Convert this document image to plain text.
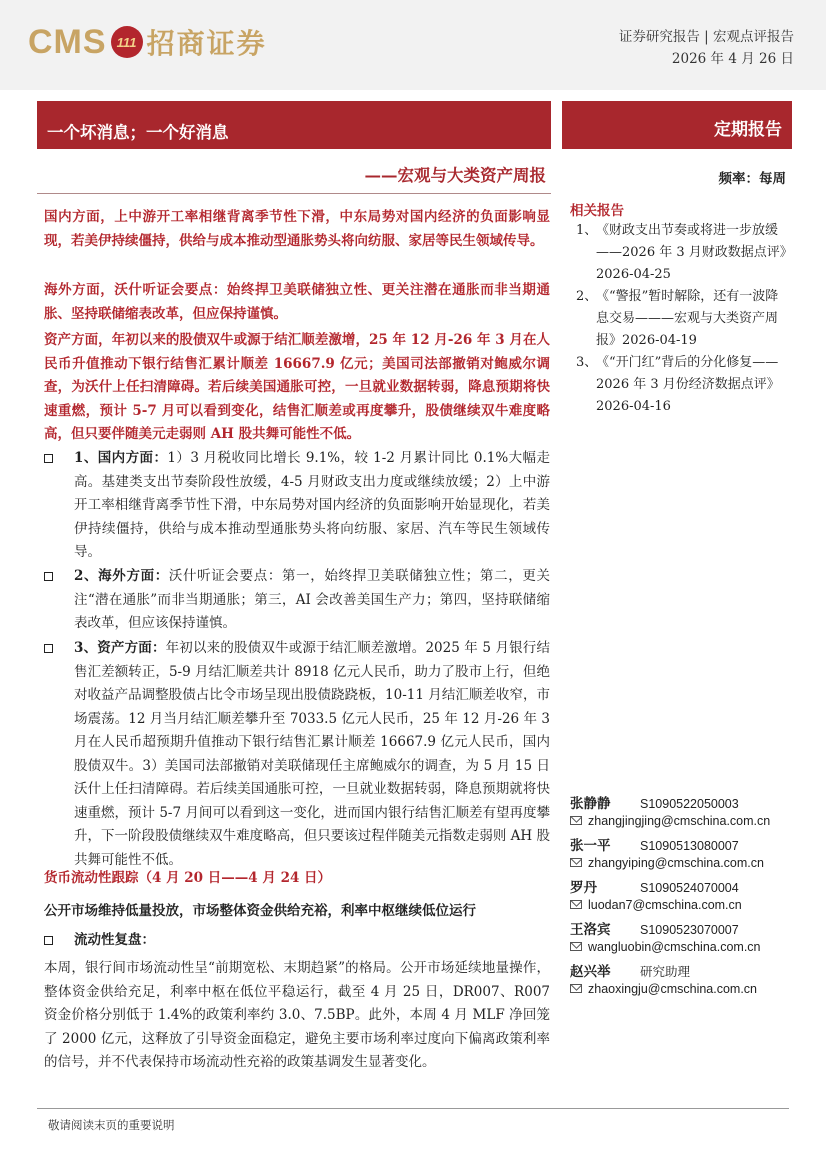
CMS 111 招商证券	证券研究报告 | 宏观点评报告
2026 年 4 月 26 日
一个坏消息；一个好消息	定期报告
——宏观与大类资产周报	频率：每周
国内方面，上中游开工率相继背离季节性下滑，中东局势对国内经济的负面影响显现，若美伊持续僵持，供给与成本推动型通胀势头将向纺服、家居等民生领域传导。
海外方面，沃什听证会要点：始终捍卫美联储独立性、更关注潜在通胀而非当期通胀、坚持联储缩表改革，但应保持谨慎。
资产方面，年初以来的股债双牛或源于结汇顺差激增，25 年 12 月-26 年 3 月在人民币升值推动下银行结售汇累计顺差 16667.9 亿元；美国司法部撤销对鲍威尔调查，为沃什上任扫清障碍。若后续美国通胀可控，一旦就业数据转弱，降息预期将快速重燃，预计 5-7 月可以看到变化，结售汇顺差或再度攀升，股债继续双牛难度略高，但只要伴随美元走弱则 AH 股共舞可能性不低。
1、国内方面：1）3 月税收同比增长 9.1%，较 1-2 月累计同比 0.1%大幅走高。基建类支出节奏阶段性放缓，4-5 月财政支出力度或继续放缓；2）上中游开工率相继背离季节性下滑，中东局势对国内经济的负面影响开始显现化，若美伊持续僵持，供给与成本推动型通胀势头将向纺服、家居、汽车等民生领域传导。
2、海外方面：沃什听证会要点：第一，始终捍卫美联储独立性；第二，更关注“潜在通胀”而非当期通胀；第三，AI 会改善美国生产力；第四，坚持联储缩表改革，但应该保持谨慎。
3、资产方面：年初以来的股债双牛或源于结汇顺差激增。2025 年 5 月银行结售汇差额转正，5-9 月结汇顺差共计 8918 亿元人民币，助力了股市上行，但绝对收益产品调整股债占比令市场呈现出股债跷跷板，10-11 月结汇顺差收窄，市场震荡。12 月当月结汇顺差攀升至 7033.5 亿元人民币，25 年 12 月-26 年 3 月在人民币超预期升值推动下银行结售汇累计顺差 16667.9 亿元人民币，国内股债双牛。3）美国司法部撤销对美联储现任主席鲍威尔的调查，为 5 月 15 日沃什上任扫清障碍。若后续美国通胀可控，一旦就业数据转弱，降息预期就将快速重燃，预计 5-7 月间可以看到这一变化，进而国内银行结售汇顺差有望再度攀升，下一阶段股债继续双牛难度略高，但只要该过程伴随美元指数走弱则 AH 股共舞可能性不低。
货币流动性跟踪（4 月 20 日——4 月 24 日）
公开市场维持低量投放，市场整体资金供给充裕，利率中枢继续低位运行
流动性复盘：
本周，银行间市场流动性呈“前期宽松、末期趋紧”的格局。公开市场延续地量操作，整体资金供给充足，利率中枢在低位平稳运行，截至 4 月 25 日，DR007、R007 资金价格分别低于 1.4%的政策利率约 3.0、7.5BP。此外，本周 4 月 MLF 净回笼了 2000 亿元，这释放了引导资金面稳定，避免主要市场利率过度向下偏离政策利率的信号，并不代表保持市场流动性充裕的政策基调发生显著变化。
相关报告
1、
《财政支出节奏或将进一步放缓——2026 年 3 月财政数据点评》2026-04-25
2、
《“警报”暂时解除，还有一波降息交易———宏观与大类资产周报》2026-04-19
3、
《“开门红”背后的分化修复——2026 年 3 月份经济数据点评》2026-04-16
张静静	S1090522050003
zhangjingjing@cmschina.com.cn
张一平	S1090513080007
zhangyiping@cmschina.com.cn
罗丹	S1090524070004
luodan7@cmschina.com.cn
王洛宾	S1090523070007
wangluobin@cmschina.com.cn
赵兴举	研究助理
zhaoxingju@cmschina.com.cn
敬请阅读末页的重要说明
